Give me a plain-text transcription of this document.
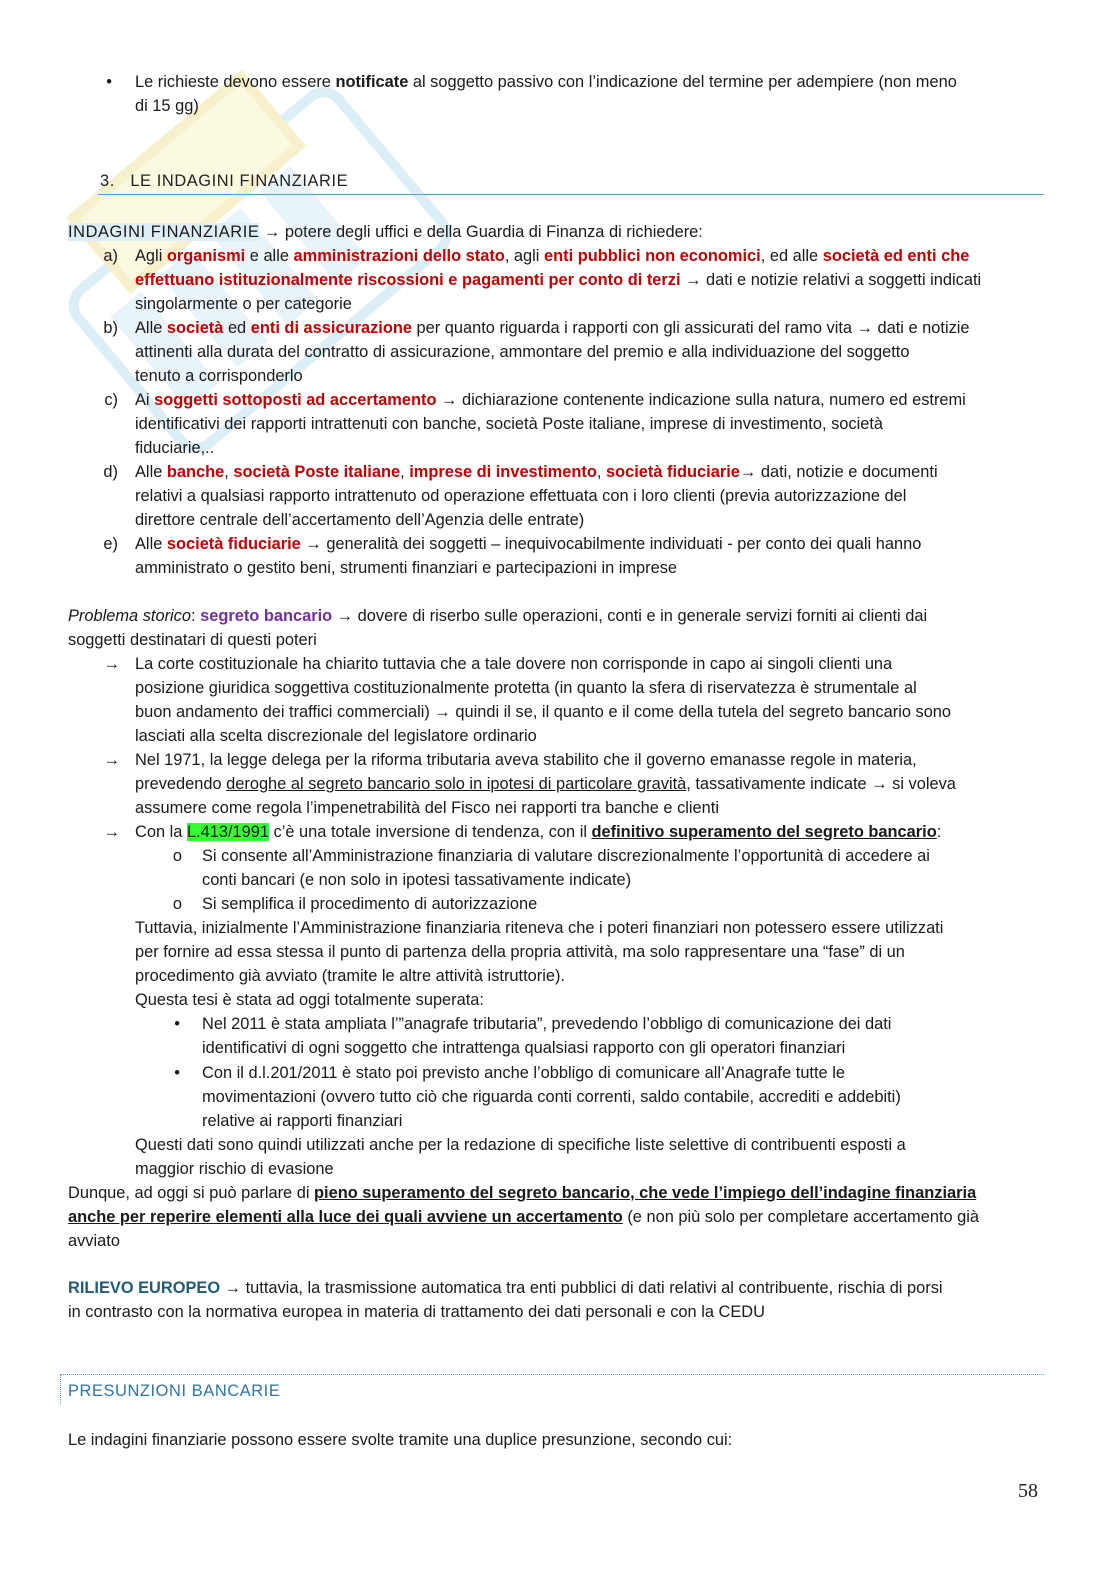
• Le richieste devono essere notificate al soggetto passivo con l’indicazione del termine per adempiere (non meno
di 15 gg)
3. LE INDAGINI FINANZIARIE
INDAGINI FINANZIARIE → potere degli uffici e della Guardia di Finanza di richiedere:
a) Agli organismi e alle amministrazioni dello stato, agli enti pubblici non economici, ed alle società ed enti che
effettuano istituzionalmente riscossioni e pagamenti per conto di terzi → dati e notizie relativi a soggetti indicati
singolarmente o per categorie
b) Alle società ed enti di assicurazione per quanto riguarda i rapporti con gli assicurati del ramo vita → dati e notizie
attinenti alla durata del contratto di assicurazione, ammontare del premio e alla individuazione del soggetto
tenuto a corrisponderlo
c) Ai soggetti sottoposti ad accertamento → dichiarazione contenente indicazione sulla natura, numero ed estremi
identificativi dei rapporti intrattenuti con banche, società Poste italiane, imprese di investimento, società
fiduciarie,..
d) Alle banche, società Poste italiane, imprese di investimento, società fiduciarie→ dati, notizie e documenti
relativi a qualsiasi rapporto intrattenuto od operazione effettuata con i loro clienti (previa autorizzazione del
direttore centrale dell’accertamento dell’Agenzia delle entrate)
e) Alle società fiduciarie → generalità dei soggetti – inequivocabilmente individuati - per conto dei quali hanno
amministrato o gestito beni, strumenti finanziari e partecipazioni in imprese
Problema storico: segreto bancario → dovere di riserbo sulle operazioni, conti e in generale servizi forniti ai clienti dai
soggetti destinatari di questi poteri
→ La corte costituzionale ha chiarito tuttavia che a tale dovere non corrisponde in capo ai singoli clienti una
posizione giuridica soggettiva costituzionalmente protetta (in quanto la sfera di riservatezza è strumentale al
buon andamento dei traffici commerciali) → quindi il se, il quanto e il come della tutela del segreto bancario sono
lasciati alla scelta discrezionale del legislatore ordinario
→ Nel 1971, la legge delega per la riforma tributaria aveva stabilito che il governo emanasse regole in materia,
prevedendo deroghe al segreto bancario solo in ipotesi di particolare gravità, tassativamente indicate → si voleva
assumere come regola l’impenetrabilità del Fisco nei rapporti tra banche e clienti
→ Con la L.413/1991 c’è una totale inversione di tendenza, con il definitivo superamento del segreto bancario:
o Si consente all’Amministrazione finanziaria di valutare discrezionalmente l’opportunità di accedere ai
conti bancari (e non solo in ipotesi tassativamente indicate)
o Si semplifica il procedimento di autorizzazione
Tuttavia, inizialmente l’Amministrazione finanziaria riteneva che i poteri finanziari non potessero essere utilizzati
per fornire ad essa stessa il punto di partenza della propria attività, ma solo rappresentare una “fase” di un
procedimento già avviato (tramite le altre attività istruttorie).
Questa tesi è stata ad oggi totalmente superata:
• Nel 2011 è stata ampliata l’”anagrafe tributaria”, prevedendo l’obbligo di comunicazione dei dati
identificativi di ogni soggetto che intrattenga qualsiasi rapporto con gli operatori finanziari
• Con il d.l.201/2011 è stato poi previsto anche l’obbligo di comunicare all’Anagrafe tutte le
movimentazioni (ovvero tutto ciò che riguarda conti correnti, saldo contabile, accrediti e addebiti)
relative ai rapporti finanziari
Questi dati sono quindi utilizzati anche per la redazione di specifiche liste selettive di contribuenti esposti a
maggior rischio di evasione
Dunque, ad oggi si può parlare di pieno superamento del segreto bancario, che vede l’impiego dell’indagine finanziaria
anche per reperire elementi alla luce dei quali avviene un accertamento (e non più solo per completare accertamento già
avviato
RILIEVO EUROPEO → tuttavia, la trasmissione automatica tra enti pubblici di dati relativi al contribuente, rischia di porsi
in contrasto con la normativa europea in materia di trattamento dei dati personali e con la CEDU
PRESUNZIONI BANCARIE
Le indagini finanziarie possono essere svolte tramite una duplice presunzione, secondo cui:
58
